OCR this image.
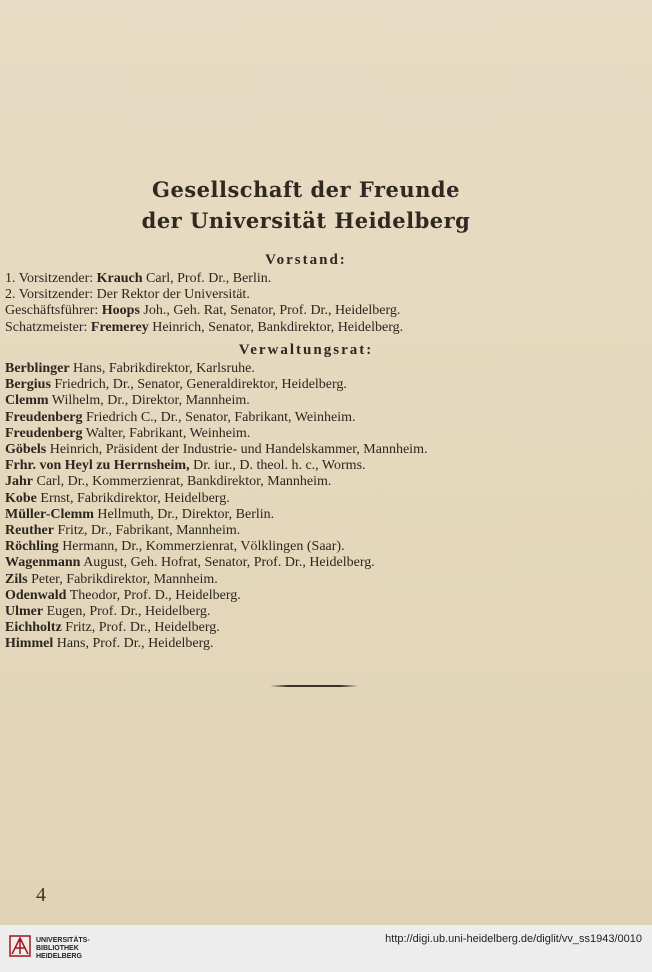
Gesellschaft der Freunde
der Universität Heidelberg
Vorstand:
1. Vorsitzender: Krauch Carl, Prof. Dr., Berlin.
2. Vorsitzender: Der Rektor der Universität.
Geschäftsführer: Hoops Joh., Geh. Rat, Senator, Prof. Dr., Heidelberg.
Schatzmeister: Fremerey Heinrich, Senator, Bankdirektor, Heidelberg.
Verwaltungsrat:
Berblinger Hans, Fabrikdirektor, Karlsruhe.
Bergius Friedrich, Dr., Senator, Generaldirektor, Heidelberg.
Clemm Wilhelm, Dr., Direktor, Mannheim.
Freudenberg Friedrich C., Dr., Senator, Fabrikant, Weinheim.
Freudenberg Walter, Fabrikant, Weinheim.
Göbels Heinrich, Präsident der Industrie- und Handelskammer, Mannheim.
Frhr. von Heyl zu Herrnsheim, Dr. iur., D. theol. h. c., Worms.
Jahr Carl, Dr., Kommerzienrat, Bankdirektor, Mannheim.
Kobe Ernst, Fabrikdirektor, Heidelberg.
Müller-Clemm Hellmuth, Dr., Direktor, Berlin.
Reuther Fritz, Dr., Fabrikant, Mannheim.
Röchling Hermann, Dr., Kommerzienrat, Völklingen (Saar).
Wagenmann August, Geh. Hofrat, Senator, Prof. Dr., Heidelberg.
Zils Peter, Fabrikdirektor, Mannheim.
Odenwald Theodor, Prof. D., Heidelberg.
Ulmer Eugen, Prof. Dr., Heidelberg.
Eichholtz Fritz, Prof. Dr., Heidelberg.
Himmel Hans, Prof. Dr., Heidelberg.

4

UNIVERSITÄTS-
BIBLIOTHEK
HEIDELBERG
http://digi.ub.uni-heidelberg.de/diglit/vv_ss1943/0010
